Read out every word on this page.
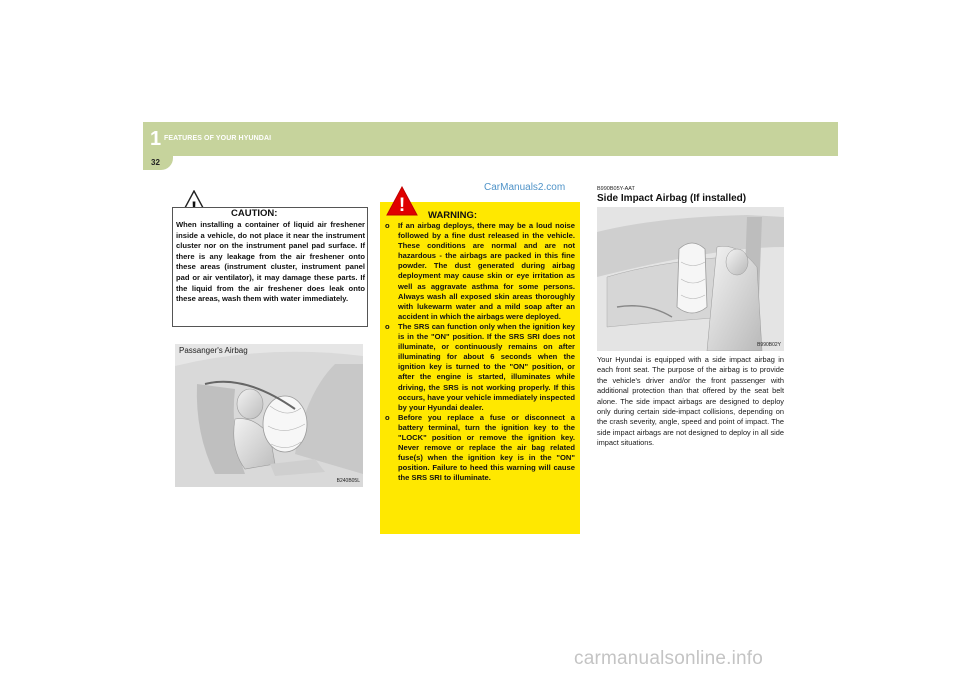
1 FEATURES OF YOUR HYUNDAI
32
CAUTION:
When installing a container of liquid air freshener inside a vehicle, do not place it near the instrument cluster nor on the instrument panel pad surface. If there is any leakage from the air freshener onto these areas (instrument cluster, instrument panel pad or air ventilator), it may damage these parts. If the liquid from the air freshener does leak onto these areas, wash them with water immediately.
Passanger's Airbag
B240B05L
CarManuals2.com
WARNING:
o If an airbag deploys, there may be a loud noise followed by a fine dust released in the vehicle. These conditions are normal and are not hazardous - the airbags are packed in this fine powder. The dust generated during airbag deployment may cause skin or eye irritation as well as aggravate asthma for some persons. Always wash all exposed skin areas thoroughly with lukewarm water and a mild soap after an accident in which the airbags were deployed.
o The SRS can function only when the ignition key is in the "ON" position. If the SRS SRI does not illuminate, or continuously remains on after illuminating for about 6 seconds when the ignition key is turned to the "ON" position, or after the engine is started, illuminates while driving, the SRS is not working properly. If this occurs, have your vehicle immediately inspected by your Hyundai dealer.
o Before you replace a fuse or disconnect a battery terminal, turn the ignition key to the "LOCK" position or remove the ignition key. Never remove or replace the air bag related fuse(s) when the ignition key is in the "ON" position. Failure to heed this warning will cause the SRS SRI to illuminate.
!
B990B05Y-AAT
Side Impact Airbag (If installed)
B990B02Y
Your Hyundai is equipped with a side impact airbag in each front seat. The purpose of the airbag is to provide the vehicle's driver and/or the front passenger with additional protection than that offered by the seat belt alone. The side impact airbags are designed to deploy only during certain side-impact collisions, depending on the crash severity, angle, speed and point of impact. The side impact airbags are not designed to deploy in all side impact situations.
carmanualsonline.info
